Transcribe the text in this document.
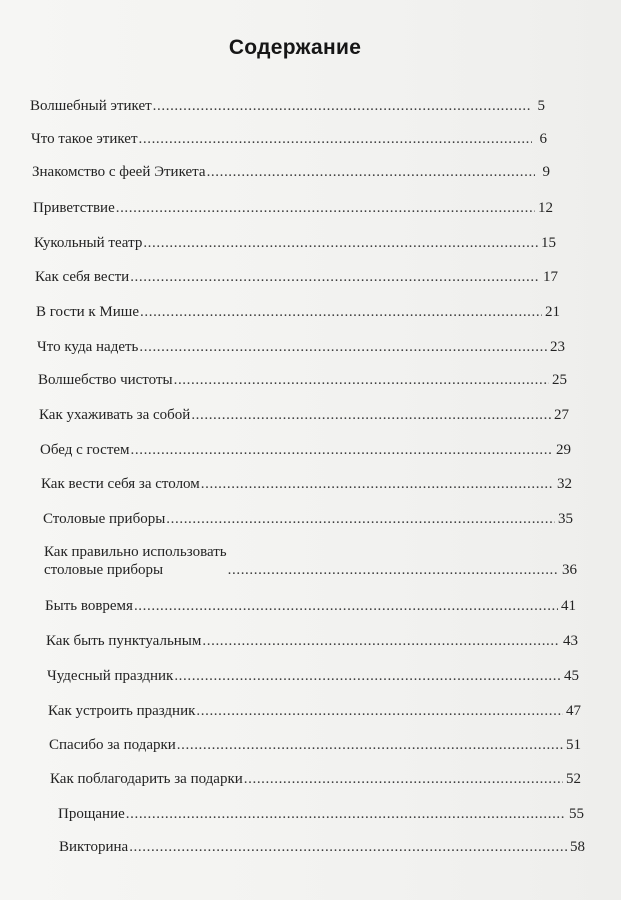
Содержание
Волшебный этикет .....	5
Что такое этикет .....	6
Знакомство с феей Этикета .....	9
Приветствие .....	12
Кукольный театр .....	15
Как себя вести .....	17
В гости к Мише .....	21
Что куда надеть .....	23
Волшебство чистоты .....	25
Как ухаживать за собой .....	27
Обед с гостем .....	29
Как вести себя за столом .....	32
Столовые приборы .....	35
Как правильно использовать
столовые приборы .....	36
Быть вовремя .....	41
Как быть пунктуальным .....	43
Чудесный праздник .....	45
Как устроить праздник .....	47
Спасибо за подарки .....	51
Как поблагодарить за подарки .....	52
Прощание .....	55
Викторина .....	58
